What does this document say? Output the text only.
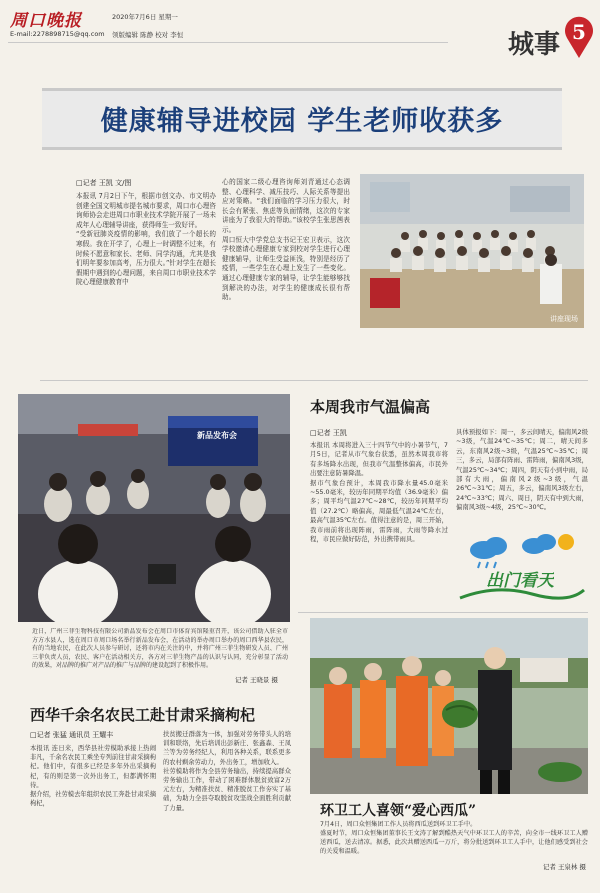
周口晚报	2020年7月6日 星期一
E-mail:2278898715@qq.com 领版编辑 陈静 校对 李恒	城事 5
健康辅导进校园 学生老师收获多
□记者 王凯 文/图
本报讯 7月2日下午，根据市创文办、市文明办创建全国文明城市提名城市要求，周口市心理咨询师协会走进周口市职业技术学院开展了一场未成年人心理辅导讲座，获得师生一致好评。
“受新冠肺炎疫情的影响，我们放了一个超长的寒假。我在开学了，心理上一时调整不过来，有时候不愿意和家长、老师、同学沟通，尤其是我们明年要参加高考，压力很大。”针对学生在超长假期中遇到的心理问题，来自周口市职业技术学院心理健康教育中
心的国家二级心理咨询师刘青通过心态调整、心理科学、减压技巧、人际关系等提出应对策略。“我们面临的学习压力很大，时长会有紧张、焦虑等负面情绪，这次的专家讲座为了我很大的帮助。”该校学生张思茜表示。
周口恒大中学党总支书记王宏卫表示，这次学校邀请心理健康专家到校对学生进行心理健康辅导，让师生受益匪浅，特别是经历了疫情，一些学生在心理上发生了一些变化。通过心理健康专家的辅导，让学生能够够找到解决的办法，对学生的健康成长很有帮助。
讲座现场
新品发布会
近日，广州三菲生物科技有限公司新品发布会在周口市体育宾馆隆重召开，该公司借助入驻全市方方水县人，选在周口市周口场名举行新品发布会，在活动的举办周口举办的周口西华县农民，有的当地农民，在此次人员参与研讨，还将市内在关注的中，并将广州三菲生物研发人员、广州三菲负责人员，农民、客户在活动相关方，各方对三菲生物产品的认识与认同，充分彰显了活动的效果，对品牌的推广对产品的推广与品牌的建设起到了积极作用。
记者 王晓景 摄
本周我市气温偏高
□记者 王凯
本报讯 本周将进入三十四节气中的小暑节气，7月5日，记者从市气象台获悉，虽然本周我市将有多场降水出现，但我市气温整体偏高，市民外出要注意防暑降温。
据市气象台预计，本周我市降水量45.0毫米~55.0毫米，较历年同期平均值（36.9毫米）偏多；周平均气温27℃~28℃，较历年同期平均值（27.2℃）略偏高，周最低气温24℃左右，最高气温35℃左右。值得注意的是，周三开始，我市雨前将出现阵雨，雷阵雨，大雨等降水过程，市民应做好防范，外出携带雨具。
具体预报如下：周一，多云间晴天，偏南风2级~3级，气温24℃~35℃；周二，晴天间多云，东南风2级~3级，气温25℃~35℃；周三，多云，局部有阵雨、雷阵雨，偏南风3级，气温25℃~34℃；周四，阴天有小到中雨，局部有大雨，偏南风2级~3级，气温26℃~31℃；周五，多云，偏南风3级左右，24℃~33℃；周六、周日，阴天有中到大雨，偏南风3级~4级，25℃~30℃。
出门看天
西华千余名农民工赴甘肃采摘枸杞
□记者 张猛 通讯员 王耀丰
本报讯 连日来，西华县社劳模助承接上热闹非凡，千余名农民工乘坐专列前往甘肃采摘枸杞。他们中，有很多已经是多年外出采摘枸杞，有的则是第一次外出务工，但都满怀期待。
据介绍，社劳模去年组织农民工奔赴甘肃采摘枸杞，
扶贫搬迁群落为一体，加强对劳务带头人的培训和联络，先后培训出彭新庄、张鑫森、王凤兰等为劳务经纪人，利用各种关系，联系更多的农村剩余劳动力，外出务工，增加收入。
社劳模助将作为全县劳务输出，持续提高群众劳务输出工作，带动了困难群体脱贫致富2万元左右，为精准扶贫、精准脱贫工作夯实了基础，为助力全县夺取脱贫攻坚战全面胜利贡献了力量。	环卫工人喜领“爱心西瓜”
7月4日，周口众恒集团工作人员将西瓜送到环卫工手中。
盛夏时节，周口众恒集团董事长王文涛了解到酷热天气中环卫工人的辛苦，向全市一线环卫工人赠送西瓜，送去清凉。据悉，此次共赠送西瓜一万斤，将分批送到环卫工人手中，让他们感受到社会的关爱和温暖。
记者 王泉林 摄
